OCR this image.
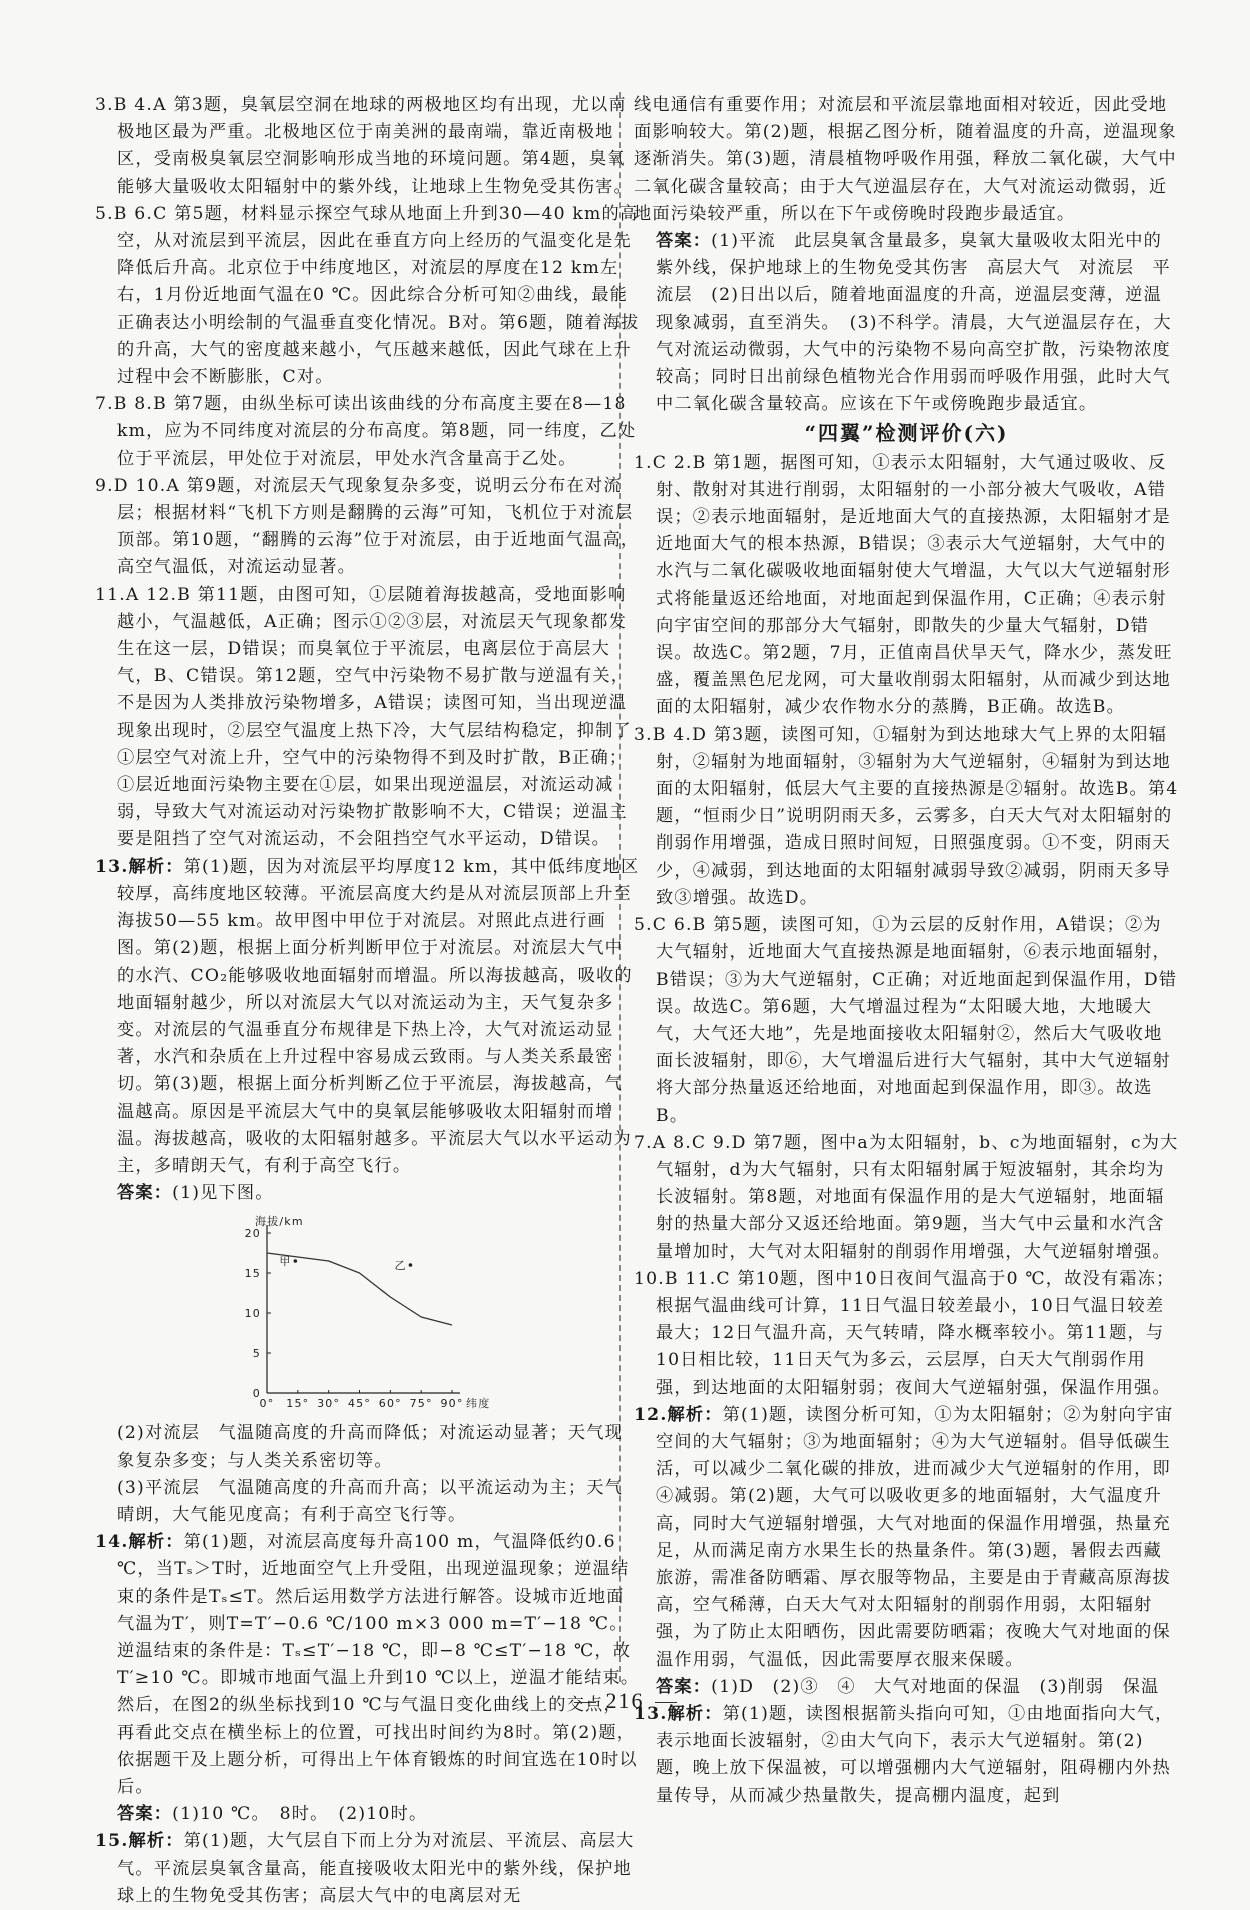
3.B 4.A 第3题，臭氧层空洞在地球的两极地区均有出现，尤以南极地区最为严重。北极地区位于南美洲的最南端，靠近南极地区，受南极臭氧层空洞影响形成当地的环境问题。第4题，臭氧能够大量吸收太阳辐射中的紫外线，让地球上生物免受其伤害。

5.B 6.C 第5题，材料显示探空气球从地面上升到30—40 km的高空，从对流层到平流层，因此在垂直方向上经历的气温变化是先降低后升高。北京位于中纬度地区，对流层的厚度在12 km左右，1月份近地面气温在0 ℃。因此综合分析可知②曲线，最能正确表达小明绘制的气温垂直变化情况。B对。第6题，随着海拔的升高，大气的密度越来越小，气压越来越低，因此气球在上升过程中会不断膨胀，C对。

7.B 8.B 第7题，由纵坐标可读出该曲线的分布高度主要在8—18 km，应为不同纬度对流层的分布高度。第8题，同一纬度，乙处位于平流层，甲处位于对流层，甲处水汽含量高于乙处。

9.D 10.A 第9题，对流层天气现象复杂多变，说明云分布在对流层；根据材料“飞机下方则是翻腾的云海”可知，飞机位于对流层顶部。第10题，“翻腾的云海”位于对流层，由于近地面气温高，高空气温低，对流运动显著。

11.A 12.B 第11题，由图可知，①层随着海拔越高，受地面影响越小，气温越低，A正确；图示①②③层，对流层天气现象都发生在这一层，D错误；而臭氧位于平流层，电离层位于高层大气，B、C错误。第12题，空气中污染物不易扩散与逆温有关，不是因为人类排放污染物增多，A错误；读图可知，当出现逆温现象出现时，②层空气温度上热下冷，大气层结构稳定，抑制了①层空气对流上升，空气中的污染物得不到及时扩散，B正确；①层近地面污染物主要在①层，如果出现逆温层，对流运动减弱，导致大气对流运动对污染物扩散影响不大，C错误；逆温主要是阻挡了空气对流运动，不会阻挡空气水平运动，D错误。

13.解析：第(1)题，因为对流层平均厚度12 km，其中低纬度地区较厚，高纬度地区较薄。平流层高度大约是从对流层顶部上升至海拔50—55 km。故甲图中甲位于对流层。对照此点进行画图。第(2)题，根据上面分析判断甲位于对流层。对流层大气中的水汽、CO₂能够吸收地面辐射而增温。所以海拔越高，吸收的地面辐射越少，所以对流层大气以对流运动为主，天气复杂多变。对流层的气温垂直分布规律是下热上冷，大气对流运动显著，水汽和杂质在上升过程中容易成云致雨。与人类关系最密切。第(3)题，根据上面分析判断乙位于平流层，海拔越高，气温越高。原因是平流层大气中的臭氧层能够吸收太阳辐射而增温。海拔越高，吸收的太阳辐射越多。平流层大气以水平运动为主，多晴朗天气，有利于高空飞行。

答案：(1)见下图。

海拔/km
0
5
10
15
20
0° 15° 30° 45° 60° 75° 90° 纬度
甲	乙

(2)对流层　气温随高度的升高而降低；对流运动显著；天气现象复杂多变；与人类关系密切等。

(3)平流层　气温随高度的升高而升高；以平流运动为主；天气晴朗，大气能见度高；有利于高空飞行等。

14.解析：第(1)题，对流层高度每升高100 m，气温降低约0.6 ℃，当Tₛ＞T时，近地面空气上升受阻，出现逆温现象；逆温结束的条件是Tₛ≤T。然后运用数学方法进行解答。设城市近地面气温为T′，则T=T′−0.6 ℃/100 m×3 000 m=T′−18 ℃。逆温结束的条件是：Tₛ≤T′−18 ℃，即−8 ℃≤T′−18 ℃，故T′≥10 ℃。即城市地面气温上升到10 ℃以上，逆温才能结束。然后，在图2的纵坐标找到10 ℃与气温日变化曲线上的交点，再看此交点在横坐标上的位置，可找出时间约为8时。第(2)题，依据题干及上题分析，可得出上午体育锻炼的时间宜选在10时以后。

答案：(1)10 ℃。　8时。　(2)10时。

15.解析：第(1)题，大气层自下而上分为对流层、平流层、高层大气。平流层臭氧含量高，能直接吸收太阳光中的紫外线，保护地球上的生物免受其伤害；高层大气中的电离层对无

线电通信有重要作用；对流层和平流层靠地面相对较近，因此受地面影响较大。第(2)题，根据乙图分析，随着温度的升高，逆温现象逐渐消失。第(3)题，清晨植物呼吸作用强，释放二氧化碳，大气中二氧化碳含量较高；由于大气逆温层存在，大气对流运动微弱，近地面污染较严重，所以在下午或傍晚时段跑步最适宜。

答案：(1)平流　此层臭氧含量最多，臭氧大量吸收太阳光中的紫外线，保护地球上的生物免受其伤害　高层大气　对流层　平流层　(2)日出以后，随着地面温度的升高，逆温层变薄，逆温现象减弱，直至消失。　(3)不科学。清晨，大气逆温层存在，大气对流运动微弱，大气中的污染物不易向高空扩散，污染物浓度较高；同时日出前绿色植物光合作用弱而呼吸作用强，此时大气中二氧化碳含量较高。应该在下午或傍晚跑步最适宜。

“四翼”检测评价(六)

1.C 2.B 第1题，据图可知，①表示太阳辐射，大气通过吸收、反射、散射对其进行削弱，太阳辐射的一小部分被大气吸收，A错误；②表示地面辐射，是近地面大气的直接热源，太阳辐射才是近地面大气的根本热源，B错误；③表示大气逆辐射，大气中的水汽与二氧化碳吸收地面辐射使大气增温，大气以大气逆辐射形式将能量返还给地面，对地面起到保温作用，C正确；④表示射向宇宙空间的那部分大气辐射，即散失的少量大气辐射，D错误。故选C。第2题，7月，正值南昌伏旱天气，降水少，蒸发旺盛，覆盖黑色尼龙网，可大量收削弱太阳辐射，从而减少到达地面的太阳辐射，减少农作物水分的蒸腾，B正确。故选B。

3.B 4.D 第3题，读图可知，①辐射为到达地球大气上界的太阳辐射，②辐射为地面辐射，③辐射为大气逆辐射，④辐射为到达地面的太阳辐射，低层大气主要的直接热源是②辐射。故选B。第4题，“恒雨少日”说明阴雨天多，云雾多，白天大气对太阳辐射的削弱作用增强，造成日照时间短，日照强度弱。①不变，阴雨天少，④减弱，到达地面的太阳辐射减弱导致②减弱，阴雨天多导致③增强。故选D。

5.C 6.B 第5题，读图可知，①为云层的反射作用，A错误；②为大气辐射，近地面大气直接热源是地面辐射，⑥表示地面辐射，B错误；③为大气逆辐射，C正确；对近地面起到保温作用，D错误。故选C。第6题，大气增温过程为“太阳暖大地，大地暖大气，大气还大地”，先是地面接收太阳辐射②，然后大气吸收地面长波辐射，即⑥，大气增温后进行大气辐射，其中大气逆辐射将大部分热量返还给地面，对地面起到保温作用，即③。故选B。

7.A 8.C 9.D 第7题，图中a为太阳辐射，b、c为地面辐射，c为大气辐射，d为大气辐射，只有太阳辐射属于短波辐射，其余均为长波辐射。第8题，对地面有保温作用的是大气逆辐射，地面辐射的热量大部分又返还给地面。第9题，当大气中云量和水汽含量增加时，大气对太阳辐射的削弱作用增强，大气逆辐射增强。

10.B 11.C 第10题，图中10日夜间气温高于0 ℃，故没有霜冻；根据气温曲线可计算，11日气温日较差最小，10日气温日较差最大；12日气温升高，天气转晴，降水概率较小。第11题，与10日相比较，11日天气为多云，云层厚，白天大气削弱作用强，到达地面的太阳辐射弱；夜间大气逆辐射强，保温作用强。

12.解析：第(1)题，读图分析可知，①为太阳辐射；②为射向宇宙空间的大气辐射；③为地面辐射；④为大气逆辐射。倡导低碳生活，可以减少二氧化碳的排放，进而减少大气逆辐射的作用，即④减弱。第(2)题，大气可以吸收更多的地面辐射，大气温度升高，同时大气逆辐射增强，大气对地面的保温作用增强，热量充足，从而满足南方水果生长的热量条件。第(3)题，暑假去西藏旅游，需准备防晒霜、厚衣服等物品，主要是由于青藏高原海拔高，空气稀薄，白天大气对太阳辐射的削弱作用弱，太阳辐射强，为了防止太阳晒伤，因此需要防晒霜；夜晚大气对地面的保温作用弱，气温低，因此需要厚衣服来保暖。

答案：(1)D　(2)③　④　大气对地面的保温　(3)削弱　保温

13.解析：第(1)题，读图根据箭头指向可知，①由地面指向大气，表示地面长波辐射，②由大气向下，表示大气逆辐射。第(2)题，晚上放下保温被，可以增强棚内大气逆辐射，阻碍棚内外热量传导，从而减少热量散失，提高棚内温度，起到

216
